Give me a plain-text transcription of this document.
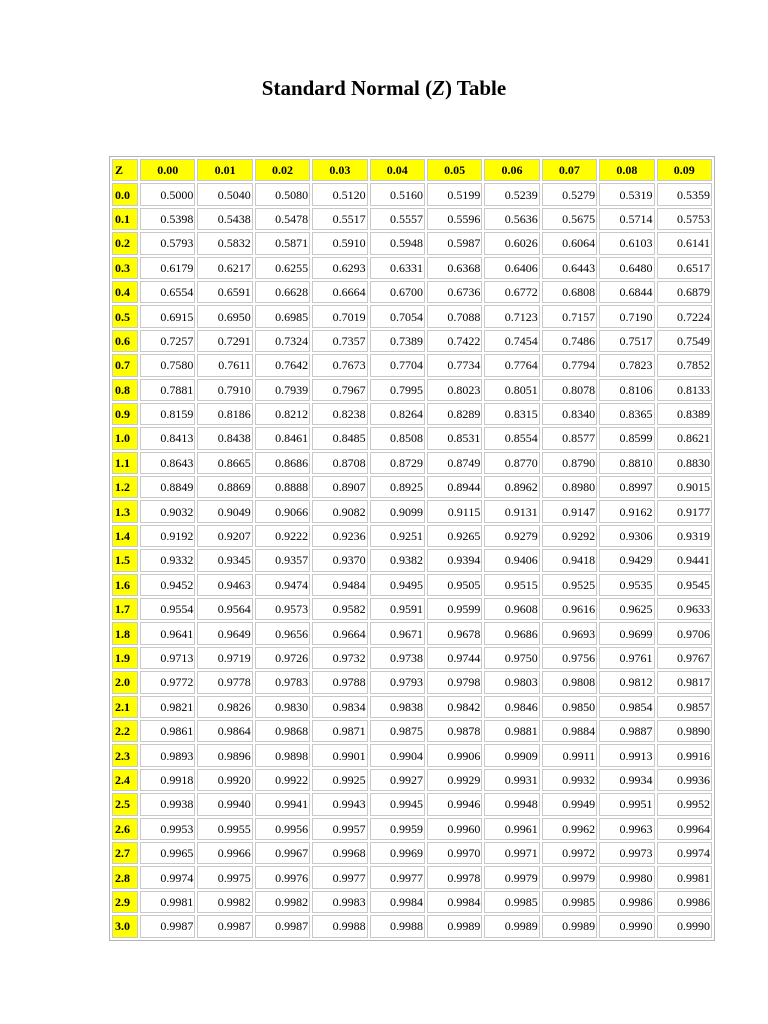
Standard Normal (Z) Table
Z	0.00	0.01	0.02	0.03	0.04	0.05	0.06	0.07	0.08	0.09
0.0	0.5000	0.5040	0.5080	0.5120	0.5160	0.5199	0.5239	0.5279	0.5319	0.5359
0.1	0.5398	0.5438	0.5478	0.5517	0.5557	0.5596	0.5636	0.5675	0.5714	0.5753
0.2	0.5793	0.5832	0.5871	0.5910	0.5948	0.5987	0.6026	0.6064	0.6103	0.6141
0.3	0.6179	0.6217	0.6255	0.6293	0.6331	0.6368	0.6406	0.6443	0.6480	0.6517
0.4	0.6554	0.6591	0.6628	0.6664	0.6700	0.6736	0.6772	0.6808	0.6844	0.6879
0.5	0.6915	0.6950	0.6985	0.7019	0.7054	0.7088	0.7123	0.7157	0.7190	0.7224
0.6	0.7257	0.7291	0.7324	0.7357	0.7389	0.7422	0.7454	0.7486	0.7517	0.7549
0.7	0.7580	0.7611	0.7642	0.7673	0.7704	0.7734	0.7764	0.7794	0.7823	0.7852
0.8	0.7881	0.7910	0.7939	0.7967	0.7995	0.8023	0.8051	0.8078	0.8106	0.8133
0.9	0.8159	0.8186	0.8212	0.8238	0.8264	0.8289	0.8315	0.8340	0.8365	0.8389
1.0	0.8413	0.8438	0.8461	0.8485	0.8508	0.8531	0.8554	0.8577	0.8599	0.8621
1.1	0.8643	0.8665	0.8686	0.8708	0.8729	0.8749	0.8770	0.8790	0.8810	0.8830
1.2	0.8849	0.8869	0.8888	0.8907	0.8925	0.8944	0.8962	0.8980	0.8997	0.9015
1.3	0.9032	0.9049	0.9066	0.9082	0.9099	0.9115	0.9131	0.9147	0.9162	0.9177
1.4	0.9192	0.9207	0.9222	0.9236	0.9251	0.9265	0.9279	0.9292	0.9306	0.9319
1.5	0.9332	0.9345	0.9357	0.9370	0.9382	0.9394	0.9406	0.9418	0.9429	0.9441
1.6	0.9452	0.9463	0.9474	0.9484	0.9495	0.9505	0.9515	0.9525	0.9535	0.9545
1.7	0.9554	0.9564	0.9573	0.9582	0.9591	0.9599	0.9608	0.9616	0.9625	0.9633
1.8	0.9641	0.9649	0.9656	0.9664	0.9671	0.9678	0.9686	0.9693	0.9699	0.9706
1.9	0.9713	0.9719	0.9726	0.9732	0.9738	0.9744	0.9750	0.9756	0.9761	0.9767
2.0	0.9772	0.9778	0.9783	0.9788	0.9793	0.9798	0.9803	0.9808	0.9812	0.9817
2.1	0.9821	0.9826	0.9830	0.9834	0.9838	0.9842	0.9846	0.9850	0.9854	0.9857
2.2	0.9861	0.9864	0.9868	0.9871	0.9875	0.9878	0.9881	0.9884	0.9887	0.9890
2.3	0.9893	0.9896	0.9898	0.9901	0.9904	0.9906	0.9909	0.9911	0.9913	0.9916
2.4	0.9918	0.9920	0.9922	0.9925	0.9927	0.9929	0.9931	0.9932	0.9934	0.9936
2.5	0.9938	0.9940	0.9941	0.9943	0.9945	0.9946	0.9948	0.9949	0.9951	0.9952
2.6	0.9953	0.9955	0.9956	0.9957	0.9959	0.9960	0.9961	0.9962	0.9963	0.9964
2.7	0.9965	0.9966	0.9967	0.9968	0.9969	0.9970	0.9971	0.9972	0.9973	0.9974
2.8	0.9974	0.9975	0.9976	0.9977	0.9977	0.9978	0.9979	0.9979	0.9980	0.9981
2.9	0.9981	0.9982	0.9982	0.9983	0.9984	0.9984	0.9985	0.9985	0.9986	0.9986
3.0	0.9987	0.9987	0.9987	0.9988	0.9988	0.9989	0.9989	0.9989	0.9990	0.9990
